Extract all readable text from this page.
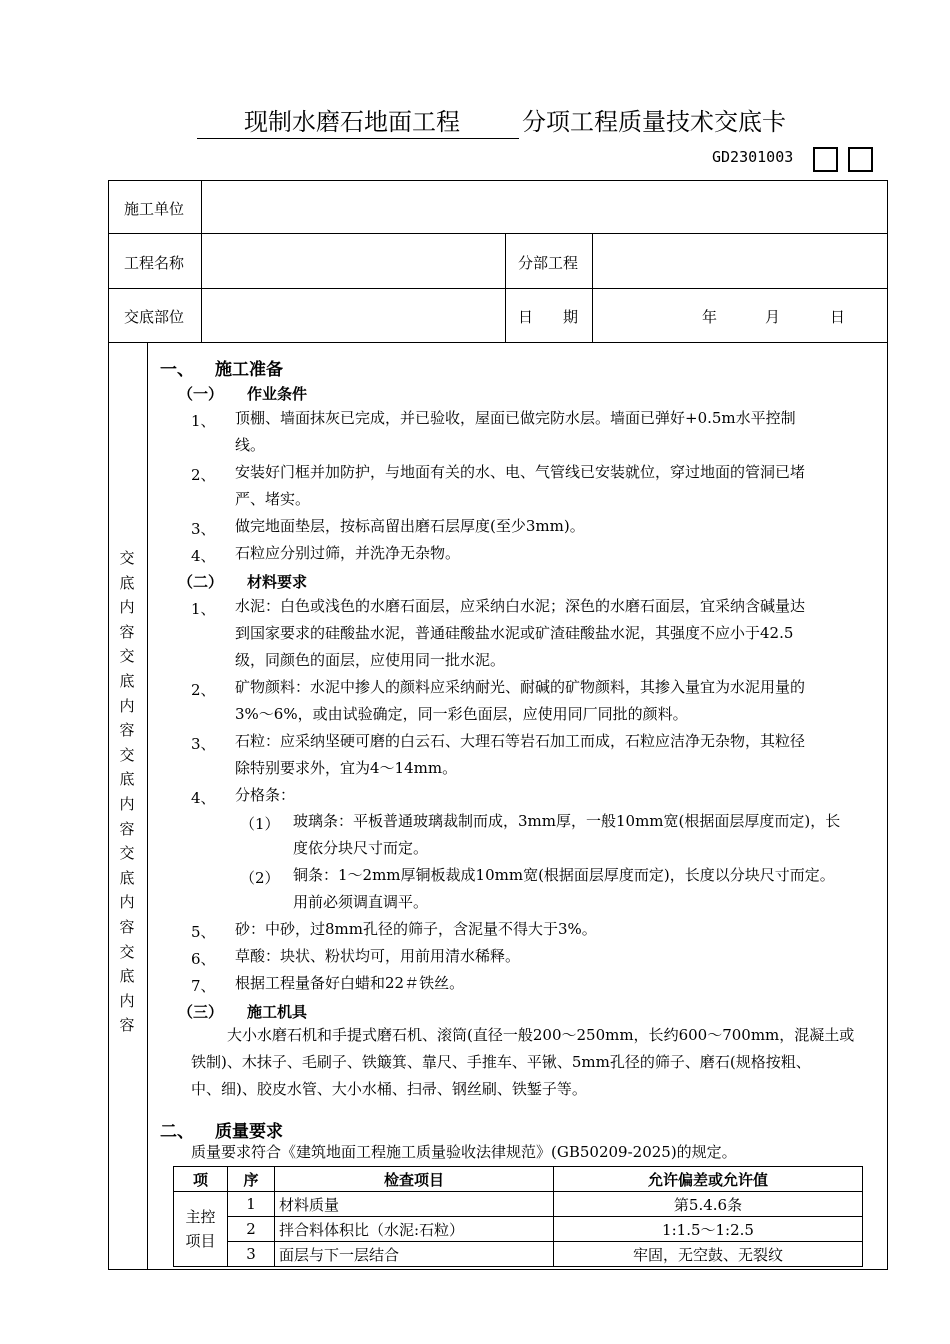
现制水磨石地面工程	分项工程质量技术交底卡
GD2301003
施工单位
工程名称	分部工程
交底部位	日　　期	年	月	日
交
底
内
容
交
底
内
容
交
底
内
容
交
底
内
容
交
底
内
容
一、 施工准备
（一） 作业条件
1、 顶棚、墙面抹灰已完成，并已验收，屋面已做完防水层。墙面已弹好+0.5m水平控制
线。
2、 安装好门框并加防护，与地面有关的水、电、气管线已安装就位，穿过地面的管洞已堵
严、堵实。
3、 做完地面垫层，按标高留出磨石层厚度(至少3mm)。
4、 石粒应分别过筛，并洗净无杂物。
（二） 材料要求
1、 水泥：白色或浅色的水磨石面层，应采纳白水泥；深色的水磨石面层，宜采纳含碱量达
到国家要求的硅酸盐水泥，普通硅酸盐水泥或矿渣硅酸盐水泥，其强度不应小于42.5
级，同颜色的面层，应使用同一批水泥。
2、 矿物颜料：水泥中掺人的颜料应采纳耐光、耐碱的矿物颜料，其掺入量宜为水泥用量的
3%～6%，或由试验确定，同一彩色面层，应使用同厂同批的颜料。
3、 石粒：应采纳坚硬可磨的白云石、大理石等岩石加工而成，石粒应洁净无杂物，其粒径
除特别要求外，宜为4～14mm。
4、 分格条：
（1） 玻璃条：平板普通玻璃裁制而成，3mm厚，一般10mm宽(根据面层厚度而定)，长
度依分块尺寸而定。
（2） 铜条：1～2mm厚铜板裁成10mm宽(根据面层厚度而定)，长度以分块尺寸而定。
用前必须调直调平。
5、 砂：中砂，过8mm孔径的筛子，含泥量不得大于3%。
6、 草酸：块状、粉状均可，用前用清水稀释。
7、 根据工程量备好白蜡和22＃铁丝。
（三） 施工机具
大小水磨石机和手提式磨石机、滚筒(直径一般200～250mm，长约600～700mm，混凝土或
铁制)、木抹子、毛刷子、铁簸箕、靠尺、手推车、平锹、5mm孔径的筛子、磨石(规格按粗、
中、细)、胶皮水管、大小水桶、扫帚、钢丝刷、铁錾子等。
二、 质量要求
质量要求符合《建筑地面工程施工质量验收法律规范》(GB50209-2025)的规定。
项	序	检查项目	允许偏差或允许值
主控项目	1	材料质量	第5.4.6条
	2	拌合料体积比（水泥:石粒）	1:1.5～1:2.5
	3	面层与下一层结合	牢固，无空鼓、无裂纹
